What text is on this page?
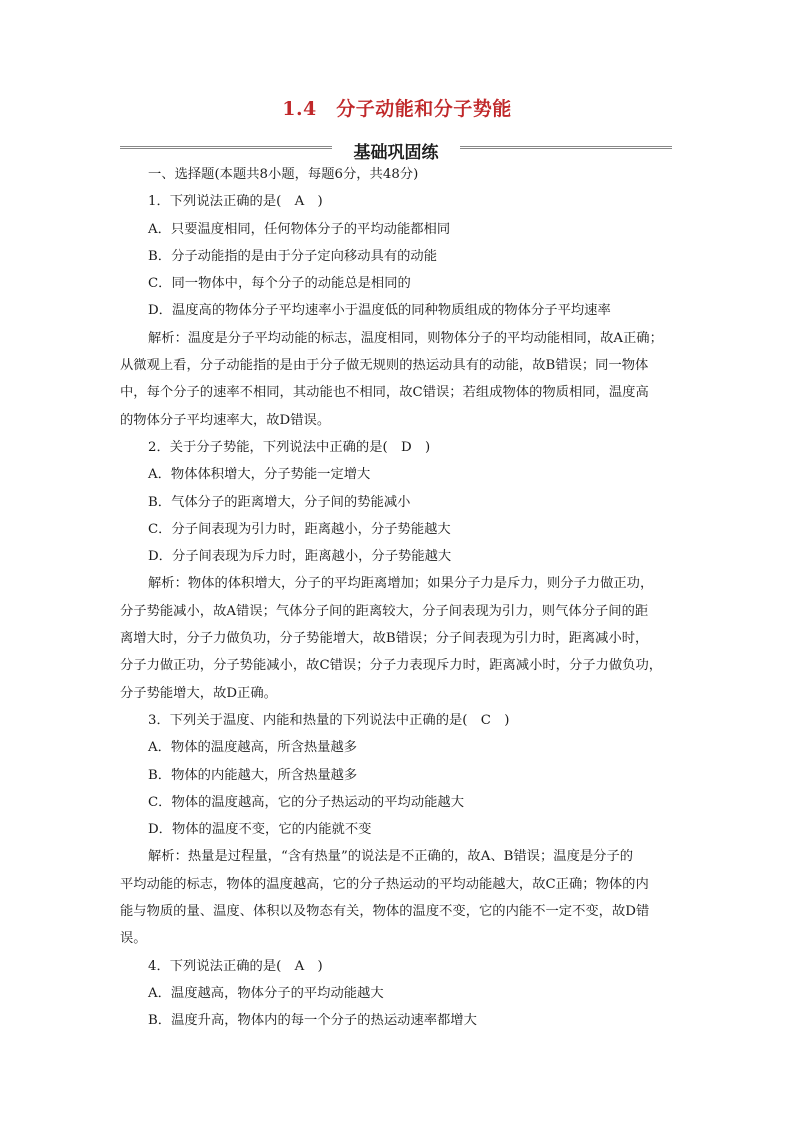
1.4　分子动能和分子势能
基础巩固练
一、选择题(本题共8小题，每题6分，共48分)
1．下列说法正确的是(　A　)
A．只要温度相同，任何物体分子的平均动能都相同
B．分子动能指的是由于分子定向移动具有的动能
C．同一物体中，每个分子的动能总是相同的
D．温度高的物体分子平均速率小于温度低的同种物质组成的物体分子平均速率
解析：温度是分子平均动能的标志，温度相同，则物体分子的平均动能相同，故A正确；
从微观上看，分子动能指的是由于分子做无规则的热运动具有的动能，故B错误；同一物体
中，每个分子的速率不相同，其动能也不相同，故C错误；若组成物体的物质相同，温度高
的物体分子平均速率大，故D错误。
2．关于分子势能，下列说法中正确的是(　D　)
A．物体体积增大，分子势能一定增大
B．气体分子的距离增大，分子间的势能减小
C．分子间表现为引力时，距离越小，分子势能越大
D．分子间表现为斥力时，距离越小，分子势能越大
解析：物体的体积增大，分子的平均距离增加；如果分子力是斥力，则分子力做正功，
分子势能减小，故A错误；气体分子间的距离较大，分子间表现为引力，则气体分子间的距
离增大时，分子力做负功，分子势能增大，故B错误；分子间表现为引力时，距离减小时，
分子力做正功，分子势能减小，故C错误；分子力表现斥力时，距离减小时，分子力做负功，
分子势能增大，故D正确。
3．下列关于温度、内能和热量的下列说法中正确的是(　C　)
A．物体的温度越高，所含热量越多
B．物体的内能越大，所含热量越多
C．物体的温度越高，它的分子热运动的平均动能越大
D．物体的温度不变，它的内能就不变
解析：热量是过程量，“含有热量”的说法是不正确的，故A、B错误；温度是分子的
平均动能的标志，物体的温度越高，它的分子热运动的平均动能越大，故C正确；物体的内
能与物质的量、温度、体积以及物态有关，物体的温度不变，它的内能不一定不变，故D错
误。
4．下列说法正确的是(　A　)
A．温度越高，物体分子的平均动能越大
B．温度升高，物体内的每一个分子的热运动速率都增大
